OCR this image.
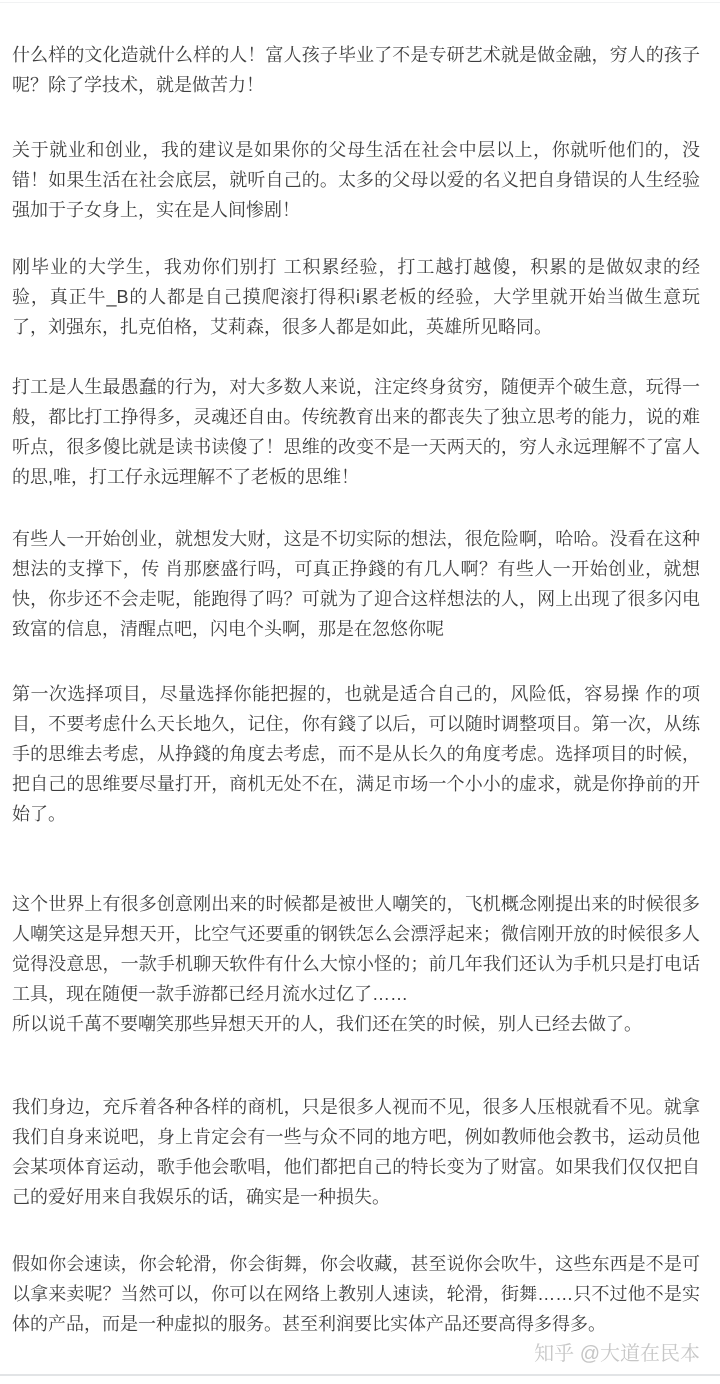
什么样的文化造就什么样的人！富人孩子毕业了不是专研艺术就是做金融，穷人的孩子呢？除了学技术，就是做苦力！

关于就业和创业，我的建议是如果你的父母生活在社会中层以上，你就听他们的，没错！如果生活在社会底层，就听自己的。太多的父母以爱的名义把自身错误的人生经验强加于子女身上，实在是人间惨剧！

刚毕业的大学生，我劝你们别打 工积累经验，打工越打越傻，积累的是做奴隶的经验，真正牛_B的人都是自己摸爬滚打得积i累老板的经验，大学里就开始当做生意玩了，刘强东，扎克伯格，艾莉森，很多人都是如此，英雄所见略同。

打工是人生最愚蠢的行为，对大多数人来说，注定终身贫穷，随便弄个破生意，玩得一般，都比打工挣得多，灵魂还自由。传统教育出来的都丧失了独立思考的能力，说的难听点，很多傻比就是读书读傻了！思维的改变不是一天两天的，穷人永远理解不了富人的思,唯，打工仔永远理解不了老板的思维！

有些人一开始创业，就想发大财，这是不切实际的想法，很危险啊，哈哈。没看在这种想法的支撑下，传 肖那麽盛行吗，可真正挣錢的有几人啊？有些人一开始创业，就想快，你步还不会走呢，能跑得了吗？可就为了迎合这样想法的人，网上出现了很多闪电致富的信息，清醒点吧，闪电个头啊，那是在忽悠你呢

第一次选择项目，尽量选择你能把握的，也就是适合自己的，风险低，容易操 作的项目，不要考虑什么天长地久，记住，你有錢了以后，可以随时调整项目。第一次，从练手的思维去考虑，从挣錢的角度去考虑，而不是从长久的角度考虑。选择项目的时候，把自己的思维要尽量打开，商机无处不在，满足市场一个小小的虚求，就是你挣前的开始了。

这个世界上有很多创意刚出来的时候都是被世人嘲笑的，飞机概念刚提出来的时候很多人嘲笑这是异想天开，比空气还要重的钢铁怎么会漂浮起来；微信刚开放的时候很多人觉得没意思，一款手机聊天软件有什么大惊小怪的；前几年我们还认为手机只是打电话工具，现在随便一款手游都已经月流水过亿了……

所以说千萬不要嘲笑那些异想天开的人，我们还在笑的时候，别人已经去做了。

我们身边，充斥着各种各样的商机，只是很多人视而不见，很多人压根就看不见。就拿我们自身来说吧，身上肯定会有一些与众不同的地方吧，例如教师他会教书，运动员他会某项体育运动，歌手他会歌唱，他们都把自己的特长变为了财富。如果我们仅仅把自己的爱好用来自我娱乐的话，确实是一种损失。

假如你会速读，你会轮滑，你会街舞，你会收藏，甚至说你会吹牛，这些东西是不是可以拿来卖呢？当然可以，你可以在网络上教别人速读，轮滑，街舞……只不过他不是实体的产品，而是一种虚拟的服务。甚至利润要比实体产品还要高得多得多。

知乎 @大道在民本
